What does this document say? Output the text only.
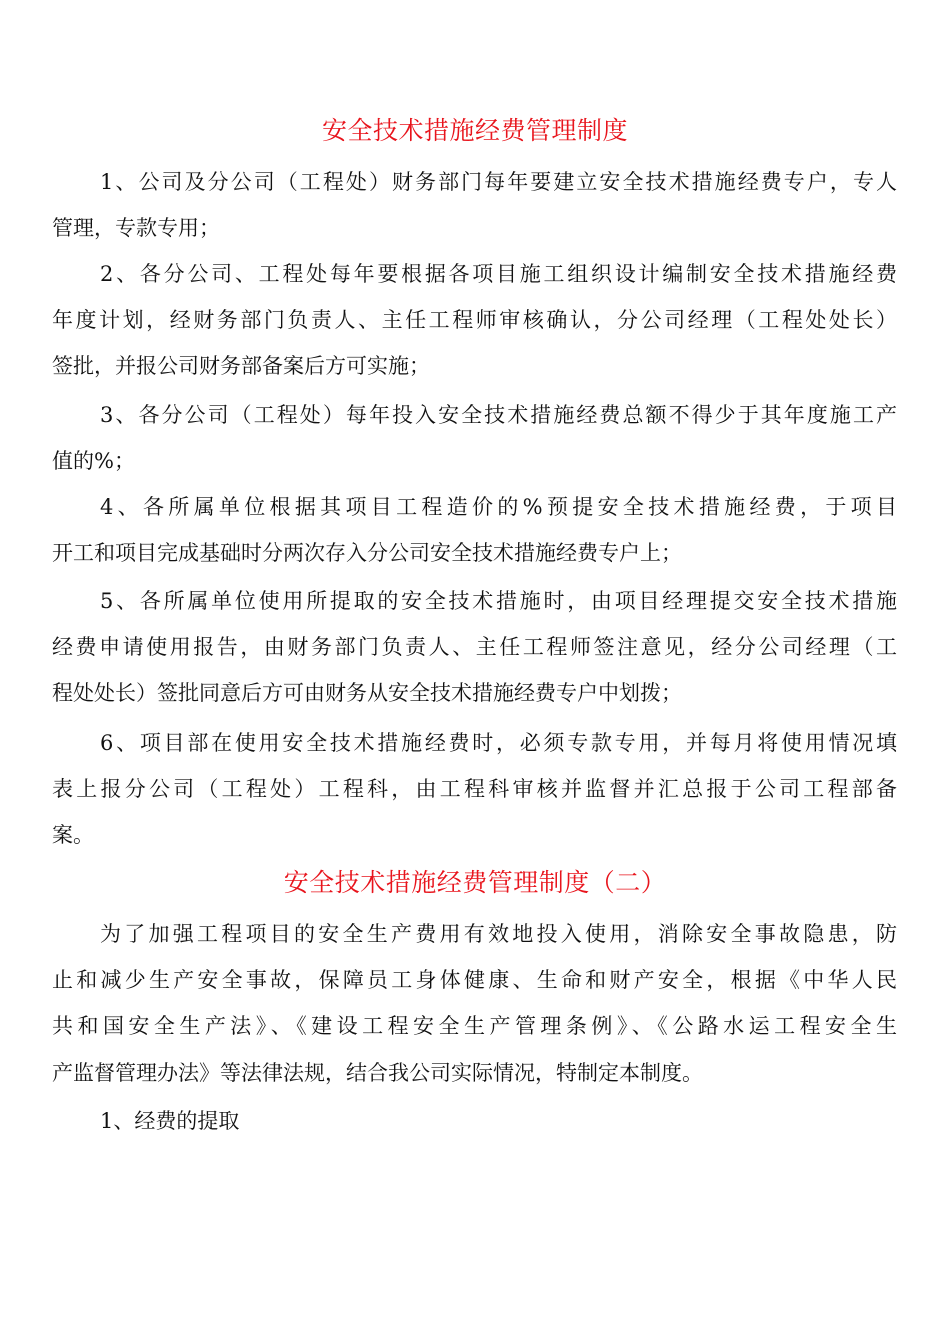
安全技术措施经费管理制度
1、公司及分公司（工程处）财务部门每年要建立安全技术措施经费专户，专人
管理，专款专用；
2、各分公司、工程处每年要根据各项目施工组织设计编制安全技术措施经费
年度计划，经财务部门负责人、主任工程师审核确认，分公司经理（工程处处长）
签批，并报公司财务部备案后方可实施；
3、各分公司（工程处）每年投入安全技术措施经费总额不得少于其年度施工产
值的%；
4、各所属单位根据其项目工程造价的%预提安全技术措施经费，于项目
开工和项目完成基础时分两次存入分公司安全技术措施经费专户上；
5、各所属单位使用所提取的安全技术措施时，由项目经理提交安全技术措施
经费申请使用报告，由财务部门负责人、主任工程师签注意见，经分公司经理（工
程处处长）签批同意后方可由财务从安全技术措施经费专户中划拨；
6、项目部在使用安全技术措施经费时，必须专款专用，并每月将使用情况填
表上报分公司（工程处）工程科，由工程科审核并监督并汇总报于公司工程部备
案。
安全技术措施经费管理制度（二）
为了加强工程项目的安全生产费用有效地投入使用，消除安全事故隐患，防
止和减少生产安全事故，保障员工身体健康、生命和财产安全，根据《中华人民
共和国安全生产法》、《建设工程安全生产管理条例》、《公路水运工程安全生
产监督管理办法》等法律法规，结合我公司实际情况，特制定本制度。
1、经费的提取
